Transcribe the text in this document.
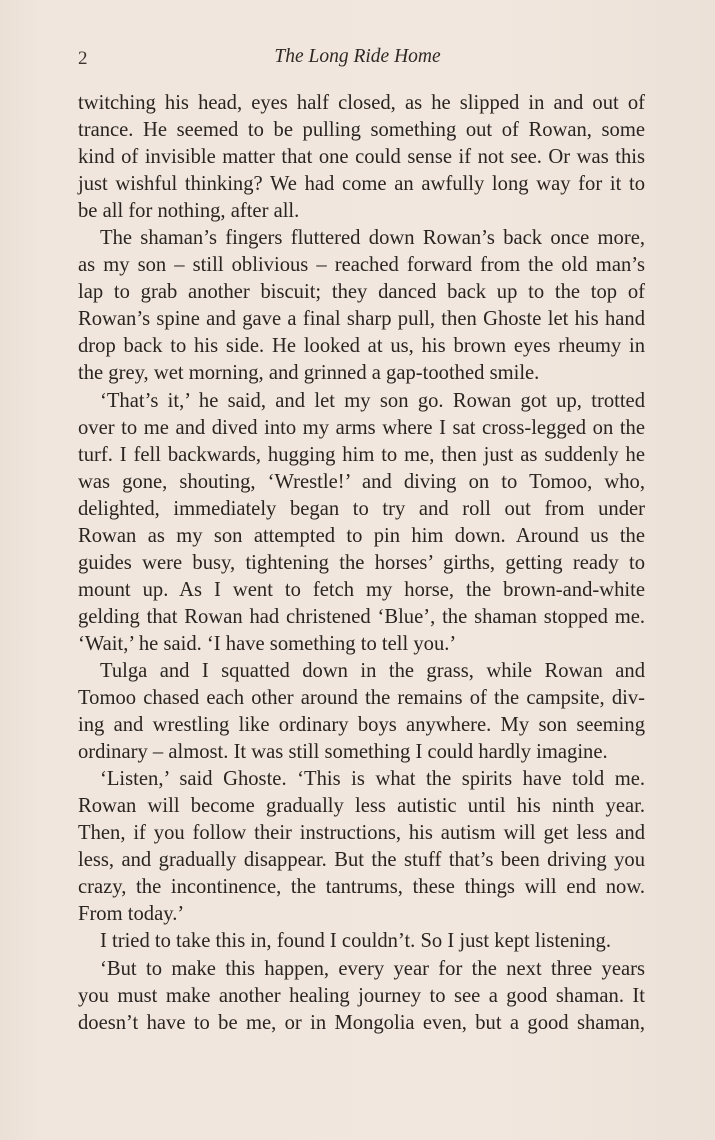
2	The Long Ride Home
twitching his head, eyes half closed, as he slipped in and out of
trance. He seemed to be pulling something out of Rowan, some
kind of invisible matter that one could sense if not see. Or was this
just wishful thinking? We had come an awfully long way for it to
be all for nothing, after all.
The shaman’s fingers fluttered down Rowan’s back once more,
as my son – still oblivious – reached forward from the old man’s
lap to grab another biscuit; they danced back up to the top of
Rowan’s spine and gave a final sharp pull, then Ghoste let his hand
drop back to his side. He looked at us, his brown eyes rheumy in
the grey, wet morning, and grinned a gap-toothed smile.
‘That’s it,’ he said, and let my son go. Rowan got up, trotted
over to me and dived into my arms where I sat cross-legged on the
turf. I fell backwards, hugging him to me, then just as suddenly he
was gone, shouting, ‘Wrestle!’ and diving on to Tomoo, who,
delighted, immediately began to try and roll out from under
Rowan as my son attempted to pin him down. Around us the
guides were busy, tightening the horses’ girths, getting ready to
mount up. As I went to fetch my horse, the brown-and-white
gelding that Rowan had christened ‘Blue’, the shaman stopped me.
‘Wait,’ he said. ‘I have something to tell you.’
Tulga and I squatted down in the grass, while Rowan and
Tomoo chased each other around the remains of the campsite, div-
ing and wrestling like ordinary boys anywhere. My son seeming
ordinary – almost. It was still something I could hardly imagine.
‘Listen,’ said Ghoste. ‘This is what the spirits have told me.
Rowan will become gradually less autistic until his ninth year.
Then, if you follow their instructions, his autism will get less and
less, and gradually disappear. But the stuff that’s been driving you
crazy, the incontinence, the tantrums, these things will end now.
From today.’
I tried to take this in, found I couldn’t. So I just kept listening.
‘But to make this happen, every year for the next three years
you must make another healing journey to see a good shaman. It
doesn’t have to be me, or in Mongolia even, but a good shaman,
